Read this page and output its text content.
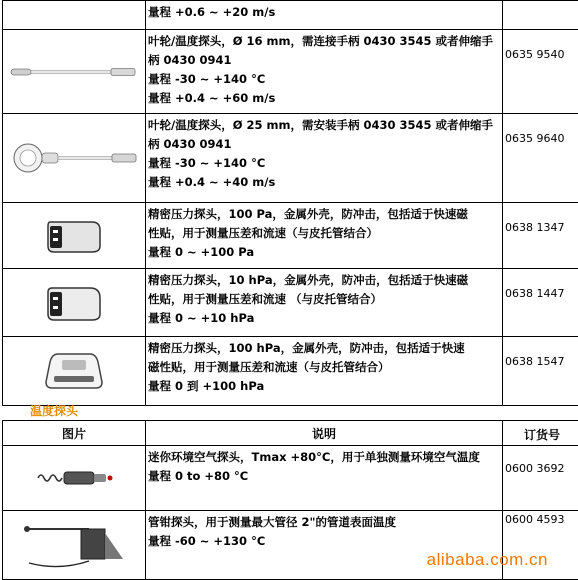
	量程 +0.6 ~ +20 m/s	

叶轮/温度探头，Ø 16 mm，需连接手柄 0430 3545 或者伸缩手
柄 0430 0941
量程 -30 ~ +140 °C
量程 +0.4 ~ +60 m/s	0635 9540

叶轮/温度探头，Ø 25 mm，需安装手柄 0430 3545 或者伸缩手
柄 0430 0941
量程 -30 ~ +140 °C
量程 +0.4 ~ +40 m/s	0635 9640

精密压力探头，100 Pa，金属外壳，防冲击，包括适于快速磁
性贴，用于测量压差和流速（与皮托管结合）
量程 0 ~ +100 Pa	0638 1347

精密压力探头，10 hPa，金属外壳，防冲击，包括适于快速磁
性贴，用于测量压差和流速 （与皮托管结合）
量程 0 ~ +10 hPa	0638 1447

精密压力探头，100 hPa，金属外壳，防冲击，包括适于快速
磁性贴，用于测量压差和流速（与皮托管结合）
量程 0 到 +100 hPa	0638 1547
温度探头
图片	说明	订货号

迷你环境空气探头，Tmax +80°C，用于单独测量环境空气温度
量程 0 to +80 °C	0600 3692

管钳探头，用于测量最大管径 2"的管道表面温度
量程 -60 ~ +130 °C	0600 4593
alibaba.com.cn
